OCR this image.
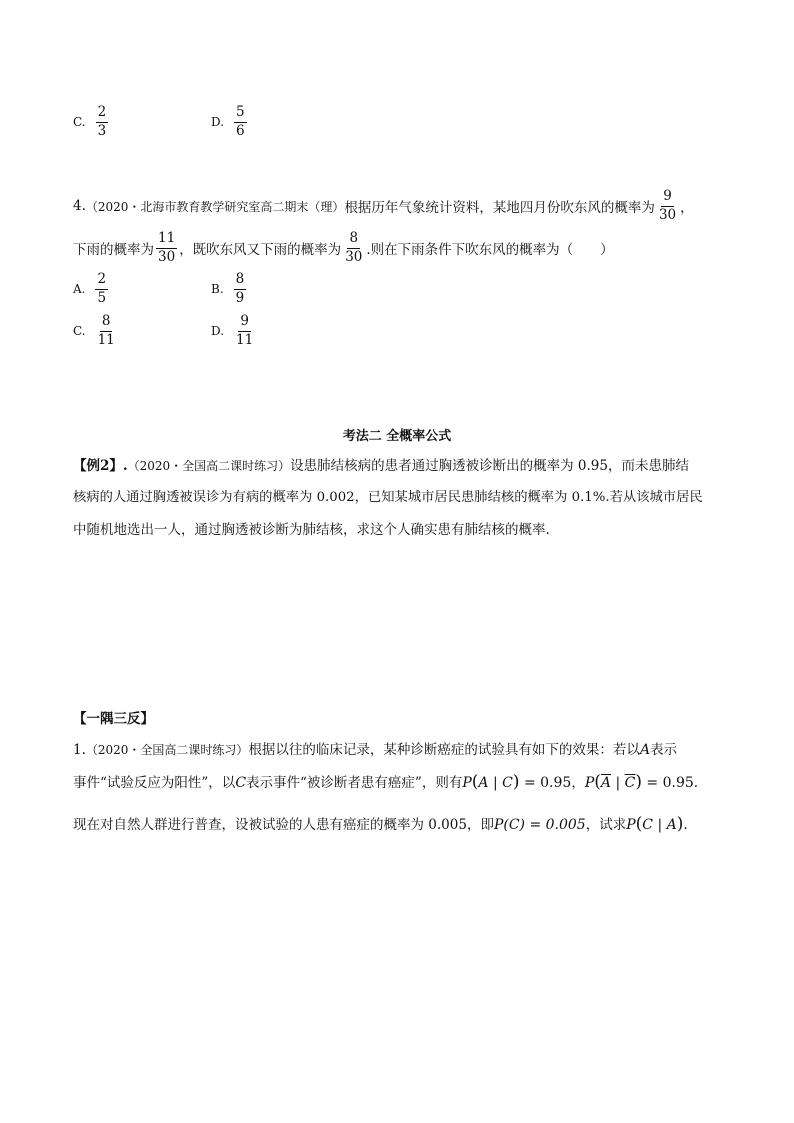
C. $\frac{2}{3}$	D. $\frac{5}{6}$
4. （2020・北海市教育教学研究室高二期末（理） 根据历年气象统计资料，某地四月份吹东风的概率为 $\frac{9}{30}$ ，
下雨的概率为 $\frac{11}{30}$ ，既吹东风又下雨的概率为 $\frac{8}{30}$ .则在下雨条件下吹东风的概率为（　　）
A. $\frac{2}{5}$	B. $\frac{8}{9}$
C. $\frac{8}{11}$	D. $\frac{9}{11}$
考法二 全概率公式
【例2】.（2020・全国高二课时练习）设患肺结核病的患者通过胸透被诊断出的概率为 0.95，而未患肺结
核病的人通过胸透被误诊为有病的概率为 0.002，已知某城市居民患肺结核的概率为 0.1%.若从该城市居民
中随机地选出一人，通过胸透被诊断为肺结核，求这个人确实患有肺结核的概率.
【一隅三反】
1.（2020・全国高二课时练习）根据以往的临床记录，某种诊断癌症的试验具有如下的效果：若以A表示
事件“试验反应为阳性”，以C表示事件“被诊断者患有癌症”，则有P(A | C) = 0.95，$P(\overline{A}$ | $\overline{C}) = 0.95$.
现在对自然人群进行普查，设被试验的人患有癌症的概率为 0.005，即P(C) = 0.005，试求P(C | A).
